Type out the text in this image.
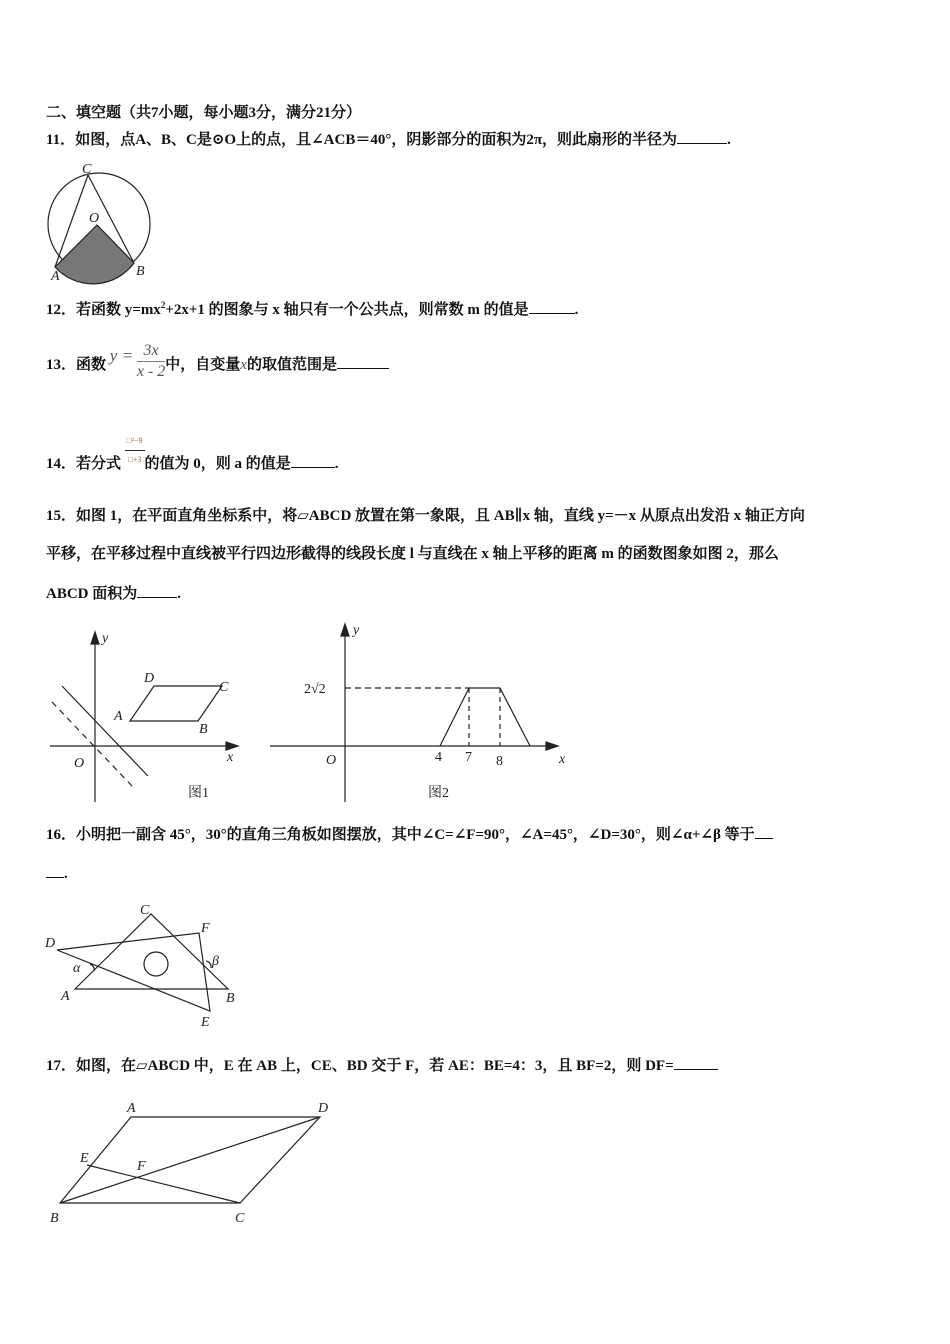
二、填空题（共7小题，每小题3分，满分21分）
11．如图，点A、B、C是⊙O上的点，且∠ACB＝40°，阴影部分的面积为2π，则此扇形的半径为	.
12．若函数 $y=mx^2+2x+1$ 的图象与 x 轴只有一个公共点，则常数 m 的值是	.
13．函数 $y = \frac{3x}{x - 2}$ 中，自变量x的取值范围是
14．若分式 $\frac{\text{□²−9}}{□+3}$ 的值为 0，则 a 的值是	.
15．如图 1，在平面直角坐标系中，将▱ABCD 放置在第一象限，且 AB∥x 轴，直线 y=－x 从原点出发沿 x 轴正方向
平移，在平移过程中直线被平行四边形截得的线段长度 l 与直线在 x 轴上平移的距离 m 的函数图象如图 2，那么
ABCD 面积为	.
16．小明把一副含 45°，30°的直角三角板如图摆放，其中∠C=∠F=90°，∠A=45°，∠D=30°，则∠α+∠β 等于
.
17．如图，在▱ABCD 中，E 在 AB 上，CE、BD 交于 F，若 AE：BE=4：3，且 BF=2，则 DF=
C
O
A	B
y
x
O
A
B
C
D
图1
y
x
O
2√2
4 7 8
图2
C
F
D
α	β
A	B
E
A	D
E
F
B	C
